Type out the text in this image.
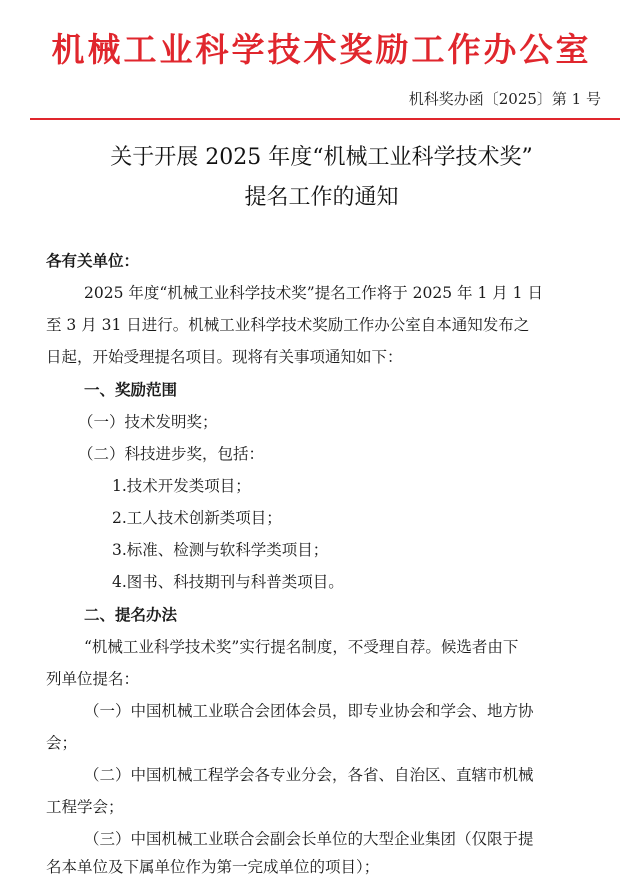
机械工业科学技术奖励工作办公室
机科奖办函〔2025〕第 1 号
关于开展 2025 年度“机械工业科学技术奖”
提名工作的通知
各有关单位：
2025 年度“机械工业科学技术奖”提名工作将于 2025 年 1 月 1 日
至 3 月 31 日进行。机械工业科学技术奖励工作办公室自本通知发布之
日起，开始受理提名项目。现将有关事项通知如下：
一、奖励范围
（一）技术发明奖；
（二）科技进步奖，包括：
1.技术开发类项目；
2.工人技术创新类项目；
3.标准、检测与软科学类项目；
4.图书、科技期刊与科普类项目。
二、提名办法
“机械工业科学技术奖”实行提名制度，不受理自荐。候选者由下
列单位提名：
（一）中国机械工业联合会团体会员，即专业协会和学会、地方协
会；
（二）中国机械工程学会各专业分会，各省、自治区、直辖市机械
工程学会；
（三）中国机械工业联合会副会长单位的大型企业集团（仅限于提
名本单位及下属单位作为第一完成单位的项目）；
